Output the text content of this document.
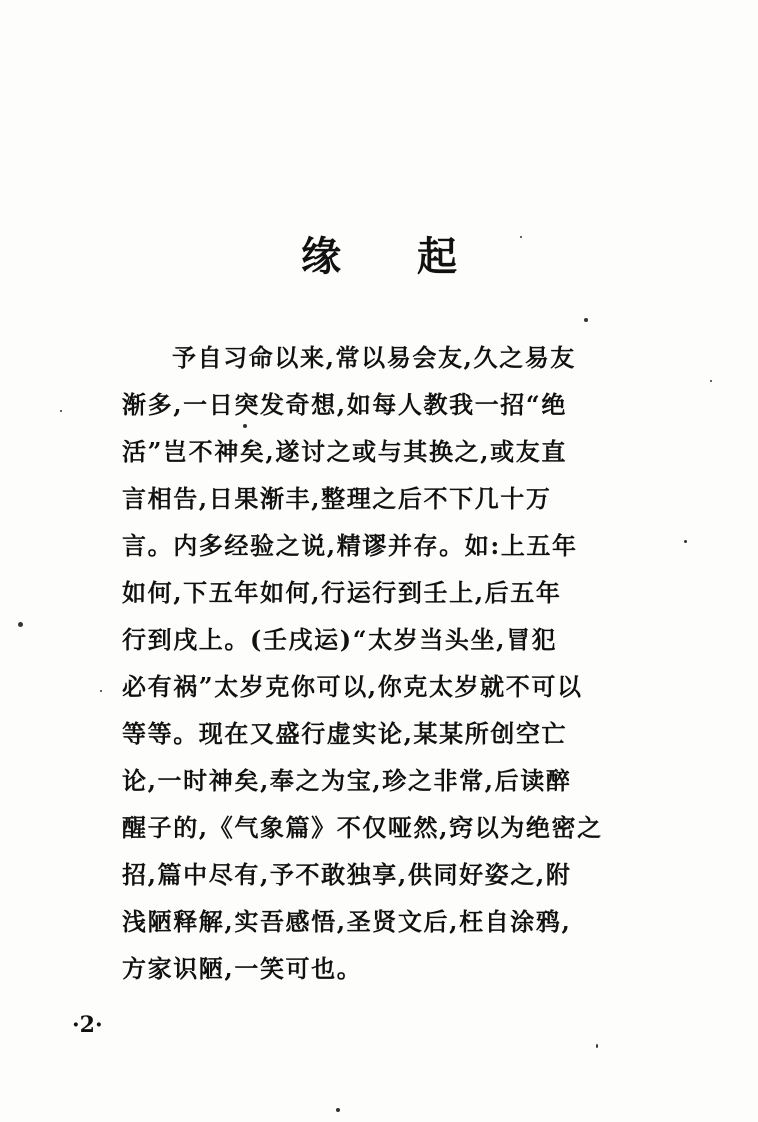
缘 起
予自习命以来,常以易会友,久之易友
渐多,一日突发奇想,如每人教我一招“绝
活”岂不神矣,遂讨之或与其换之,或友直
言相告,日果渐丰,整理之后不下几十万
言。内多经验之说,精谬并存。如:上五年
如何,下五年如何,行运行到壬上,后五年
行到戌上。(壬戌运)“太岁当头坐,冒犯
必有祸”太岁克你可以,你克太岁就不可以
等等。现在又盛行虚实论,某某所创空亡
论,一时神矣,奉之为宝,珍之非常,后读醉
醒子的,《气象篇》不仅哑然,窍以为绝密之
招,篇中尽有,予不敢独享,供同好姿之,附
浅陋释解,实吾感悟,圣贤文后,枉自涂鸦,
方家识陋,一笑可也。
·2·
